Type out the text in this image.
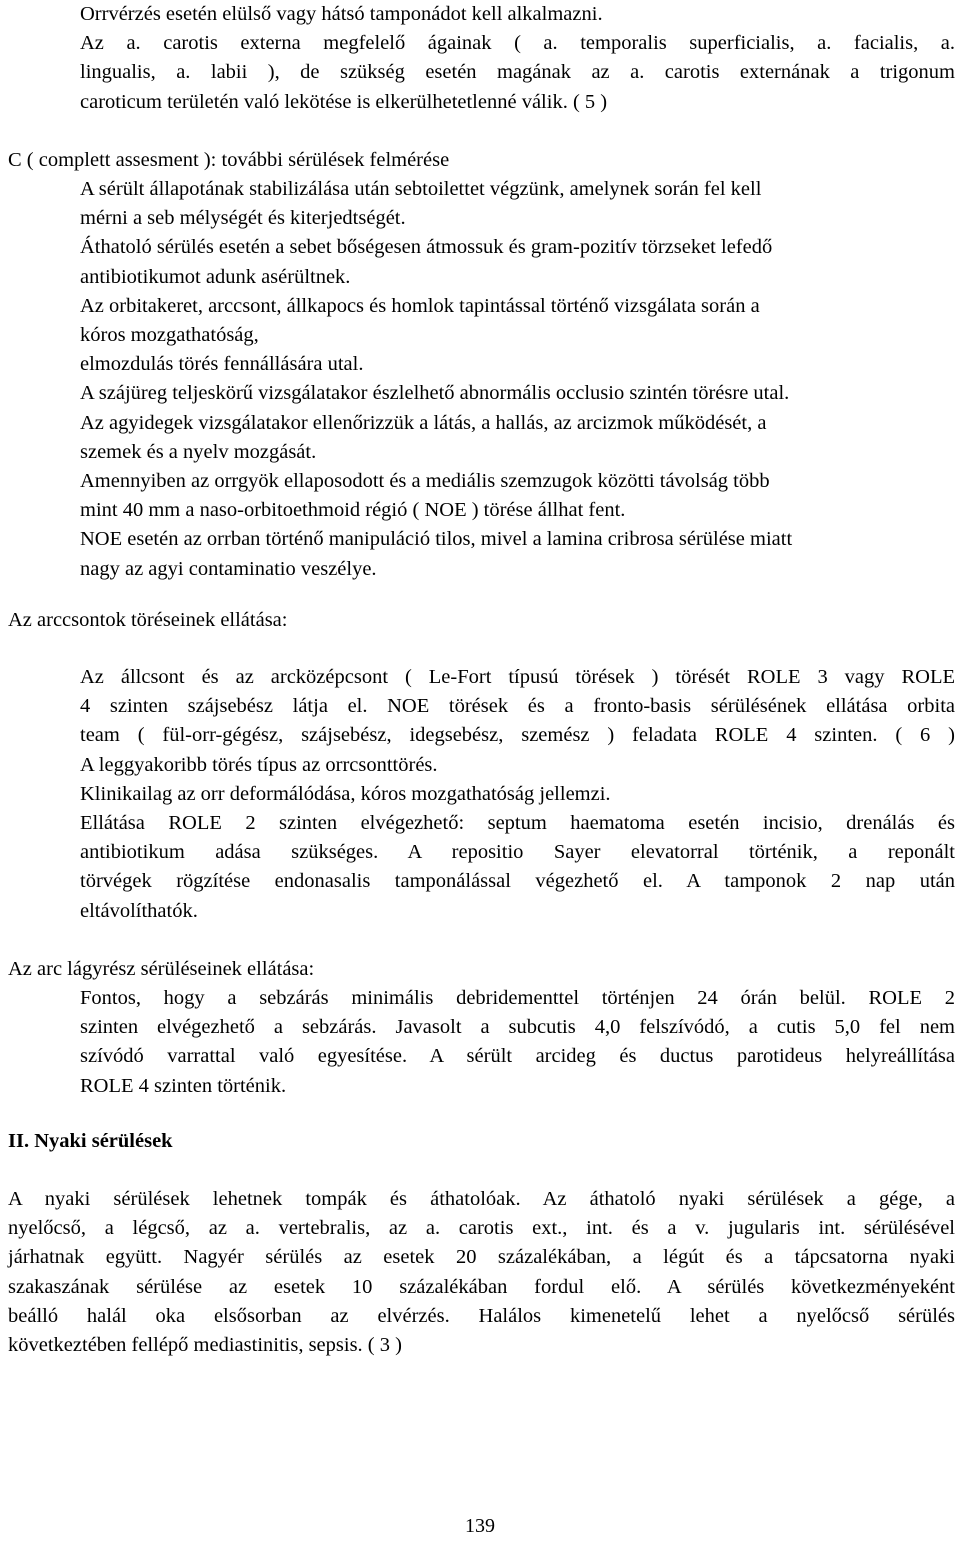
Orrvérzés esetén elülső vagy hátsó tamponádot kell alkalmazni.
Az a. carotis externa megfelelő ágainak ( a. temporalis superficialis, a. facialis, a.
lingualis, a. labii ), de szükség esetén magának az a. carotis externának a trigonum
caroticum területén való lekötése is elkerülhetetlenné válik. ( 5 )
C ( complett assesment ): további sérülések felmérése
A sérült állapotának stabilizálása után sebtoilettet végzünk, amelynek során fel kell
mérni a seb mélységét és kiterjedtségét.
Áthatoló sérülés esetén a sebet bőségesen átmossuk és gram-pozitív törzseket lefedő
antibiotikumot adunk asérültnek.
Az orbitakeret, arccsont, állkapocs és homlok tapintással történő vizsgálata során a
kóros mozgathatóság,
elmozdulás törés fennállására utal.
A szájüreg teljeskörű vizsgálatakor észlelhető abnormális occlusio szintén törésre utal.
Az agyidegek vizsgálatakor ellenőrizzük a látás, a hallás, az arcizmok működését, a
szemek és a nyelv mozgását.
Amennyiben az orrgyök ellaposodott és a mediális szemzugok közötti távolság több
mint 40 mm a naso-orbitoethmoid régió ( NOE ) törése állhat fent.
NOE esetén az orrban történő manipuláció tilos, mivel a lamina cribrosa sérülése miatt
nagy az agyi contaminatio veszélye.
Az arccsontok töréseinek ellátása:
Az állcsont és az arcközépcsont ( Le-Fort típusú törések ) törését ROLE 3 vagy ROLE
4 szinten szájsebész látja el. NOE törések és a fronto-basis sérülésének ellátása orbita
team ( fül-orr-gégész, szájsebész, idegsebész, szemész ) feladata ROLE 4 szinten. ( 6 )
A leggyakoribb törés típus az orrcsonttörés.
Klinikailag az orr deformálódása, kóros mozgathatóság jellemzi.
Ellátása ROLE 2 szinten elvégezhető: septum haematoma esetén incisio, drenálás és
antibiotikum adása szükséges. A repositio Sayer elevatorral történik, a reponált
törvégek rögzítése endonasalis tamponálással végezhető el. A tamponok 2 nap után
eltávolíthatók.
Az arc lágyrész sérüléseinek ellátása:
Fontos, hogy a sebzárás minimális debridementtel történjen 24 órán belül. ROLE 2
szinten elvégezhető a sebzárás. Javasolt a subcutis 4,0 felszívódó, a cutis 5,0 fel nem
szívódó varrattal való egyesítése. A sérült arcideg és ductus parotideus helyreállítása
ROLE 4 szinten történik.
II. Nyaki sérülések
A nyaki sérülések lehetnek tompák és áthatolóak. Az áthatoló nyaki sérülések a gége, a
nyelőcső, a légcső, az a. vertebralis, az a. carotis ext., int. és a v. jugularis int. sérülésével
járhatnak együtt. Nagyér sérülés az esetek 20 százalékában, a légút és a tápcsatorna nyaki
szakaszának sérülése az esetek 10 százalékában fordul elő. A sérülés következményeként
beálló halál oka elsősorban az elvérzés. Halálos kimenetelű lehet a nyelőcső sérülés
következtében fellépő mediastinitis, sepsis. ( 3 )
139
